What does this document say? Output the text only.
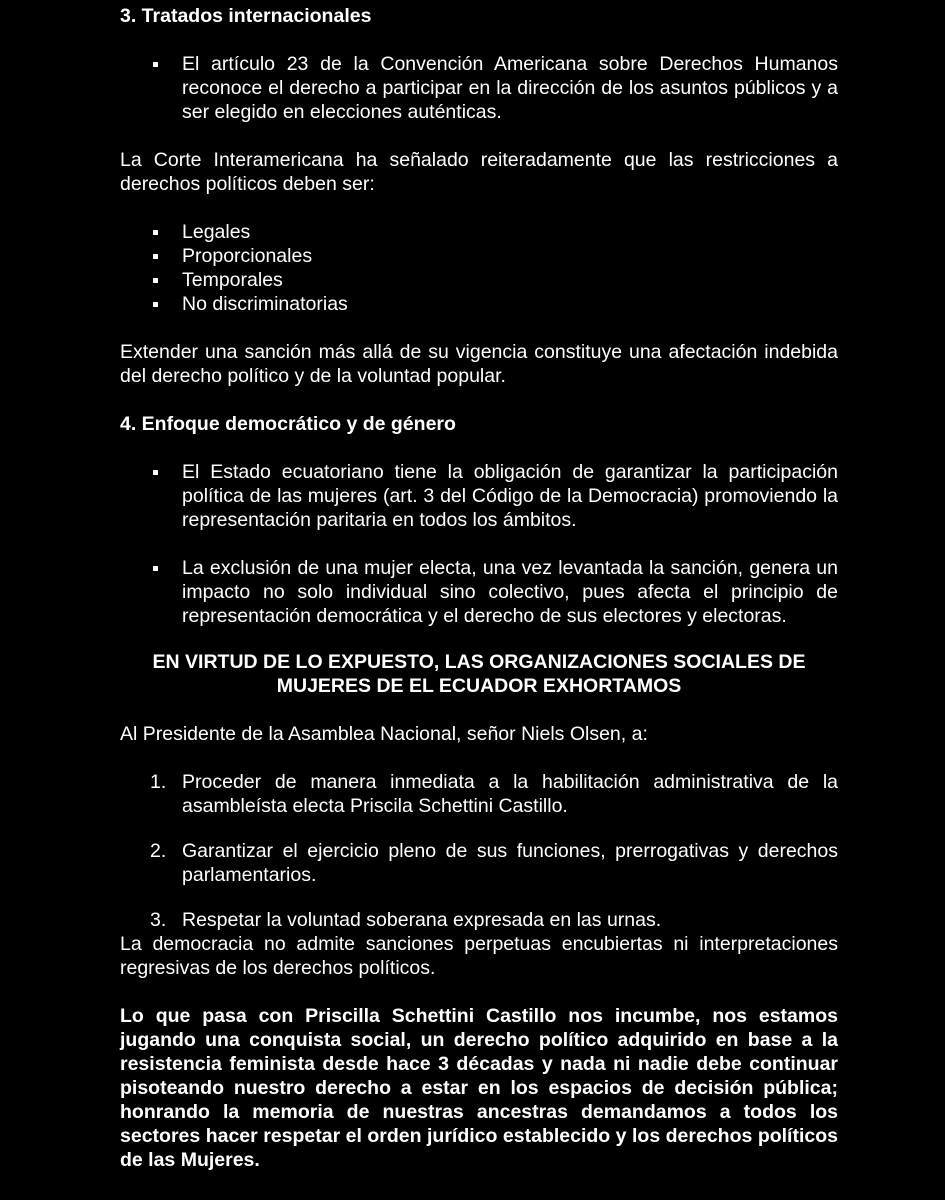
3. Tratados internacionales

El artículo 23 de la Convención Americana sobre Derechos Humanos reconoce el derecho a participar en la dirección de los asuntos públicos y a ser elegido en elecciones auténticas.

La Corte Interamericana ha señalado reiteradamente que las restricciones a derechos políticos deben ser:

Legales
Proporcionales
Temporales
No discriminatorias

Extender una sanción más allá de su vigencia constituye una afectación indebida del derecho político y de la voluntad popular.

4. Enfoque democrático y de género

El Estado ecuatoriano tiene la obligación de garantizar la participación política de las mujeres (art. 3 del Código de la Democracia) promoviendo la representación paritaria en todos los ámbitos.
La exclusión de una mujer electa, una vez levantada la sanción, genera un impacto no solo individual sino colectivo, pues afecta el principio de representación democrática y el derecho de sus electores y electoras.

EN VIRTUD DE LO EXPUESTO, LAS ORGANIZACIONES SOCIALES DE

MUJERES DE EL ECUADOR EXHORTAMOS

Al Presidente de la Asamblea Nacional, señor Niels Olsen, a:

1. Proceder de manera inmediata a la habilitación administrativa de la asambleísta electa Priscila Schettini Castillo.
2. Garantizar el ejercicio pleno de sus funciones, prerrogativas y derechos parlamentarios.
3. Respetar la voluntad soberana expresada en las urnas.

La democracia no admite sanciones perpetuas encubiertas ni interpretaciones regresivas de los derechos políticos.

Lo que pasa con Priscilla Schettini Castillo nos incumbe, nos estamos jugando una conquista social, un derecho político adquirido en base a la resistencia feminista desde hace 3 décadas y nada ni nadie debe continuar pisoteando nuestro derecho a estar en los espacios de decisión pública; honrando la memoria de nuestras ancestras demandamos a todos los sectores hacer respetar el orden jurídico establecido y los derechos políticos de las Mujeres.
